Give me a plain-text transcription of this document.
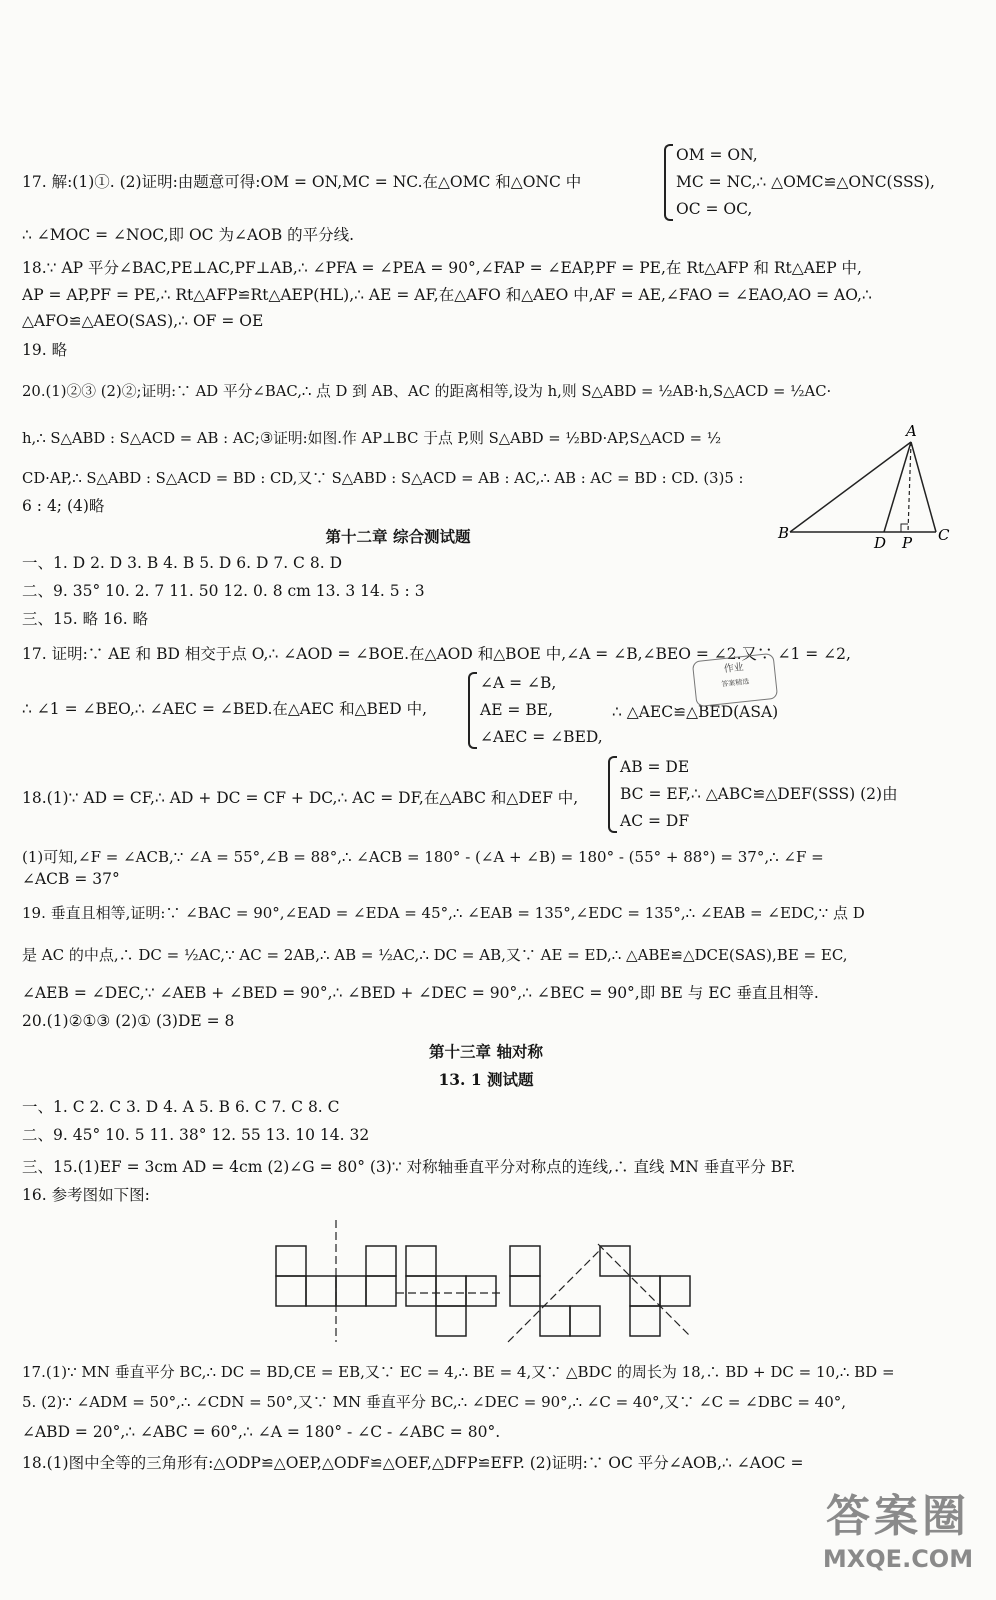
17. 解:(1)①. (2)证明:由题意可得:OM = ON,MC = NC.在△OMC 和△ONC 中
OM = ON,
MC = NC,∴ △OMC≌△ONC(SSS),
OC = OC,
∴ ∠MOC = ∠NOC,即 OC 为∠AOB 的平分线.
18.∵ AP 平分∠BAC,PE⊥AC,PF⊥AB,∴ ∠PFA = ∠PEA = 90°,∠FAP = ∠EAP,PF = PE,在 Rt△AFP 和 Rt△AEP 中,
AP = AP,PF = PE,∴ Rt△AFP≌Rt△AEP(HL),∴ AE = AF,在△AFO 和△AEO 中,AF = AE,∠FAO = ∠EAO,AO = AO,∴
△AFO≌△AEO(SAS),∴ OF = OE
19. 略
20.(1)②③ (2)②;证明:∵ AD 平分∠BAC,∴ 点 D 到 AB、AC 的距离相等,设为 h,则 S△ABD = ½AB·h,S△ACD = ½AC·
h,∴ S△ABD : S△ACD = AB : AC;③证明:如图.作 AP⊥BC 于点 P,则 S△ABD = ½BD·AP,S△ACD = ½
CD·AP,∴ S△ABD : S△ACD = BD : CD,又∵ S△ABD : S△ACD = AB : AC,∴ AB : AC = BD : CD. (3)5 :
6 : 4; (4)略
A
B
D P C
第十二章 综合测试题
一、1. D 2. D 3. B 4. B 5. D 6. D 7. C 8. D
二、9. 35° 10. 2. 7 11. 50 12. 0. 8 cm 13. 3 14. 5 : 3
三、15. 略 16. 略
17. 证明:∵ AE 和 BD 相交于点 O,∴ ∠AOD = ∠BOE.在△AOD 和△BOE 中,∠A = ∠B,∠BEO = ∠2.又∵ ∠1 = ∠2,
∴ ∠1 = ∠BEO,∴ ∠AEC = ∠BED.在△AEC 和△BED 中,
∠A = ∠B,
AE = BE,
∠AEC = ∠BED,
∴ △AEC≌△BED(ASA)
作业
答案精选
18.(1)∵ AD = CF,∴ AD + DC = CF + DC,∴ AC = DF,在△ABC 和△DEF 中,
AB = DE
BC = EF,∴ △ABC≌△DEF(SSS) (2)由
AC = DF
(1)可知,∠F = ∠ACB,∵ ∠A = 55°,∠B = 88°,∴ ∠ACB = 180° - (∠A + ∠B) = 180° - (55° + 88°) = 37°,∴ ∠F =
∠ACB = 37°
19. 垂直且相等,证明:∵ ∠BAC = 90°,∠EAD = ∠EDA = 45°,∴ ∠EAB = 135°,∠EDC = 135°,∴ ∠EAB = ∠EDC,∵ 点 D
是 AC 的中点,∴ DC = ½AC,∵ AC = 2AB,∴ AB = ½AC,∴ DC = AB,又∵ AE = ED,∴ △ABE≌△DCE(SAS),BE = EC,
∠AEB = ∠DEC,∵ ∠AEB + ∠BED = 90°,∴ ∠BED + ∠DEC = 90°,∴ ∠BEC = 90°,即 BE 与 EC 垂直且相等.
20.(1)②①③ (2)① (3)DE = 8
第十三章 轴对称
13. 1 测试题
一、1. C 2. C 3. D 4. A 5. B 6. C 7. C 8. C
二、9. 45° 10. 5 11. 38° 12. 55 13. 10 14. 32
三、15.(1)EF = 3cm AD = 4cm (2)∠G = 80° (3)∵ 对称轴垂直平分对称点的连线,∴ 直线 MN 垂直平分 BF.
16. 参考图如下图:
17.(1)∵ MN 垂直平分 BC,∴ DC = BD,CE = EB,又∵ EC = 4,∴ BE = 4,又∵ △BDC 的周长为 18,∴ BD + DC = 10,∴ BD =
5. (2)∵ ∠ADM = 50°,∴ ∠CDN = 50°,又∵ MN 垂直平分 BC,∴ ∠DEC = 90°,∴ ∠C = 40°,又∵ ∠C = ∠DBC = 40°,
∠ABD = 20°,∴ ∠ABC = 60°,∴ ∠A = 180° - ∠C - ∠ABC = 80°.
18.(1)图中全等的三角形有:△ODP≌△OEP,△ODF≌△OEF,△DFP≌EFP. (2)证明:∵ OC 平分∠AOB,∴ ∠AOC =
答案圈
MXQE.COM
